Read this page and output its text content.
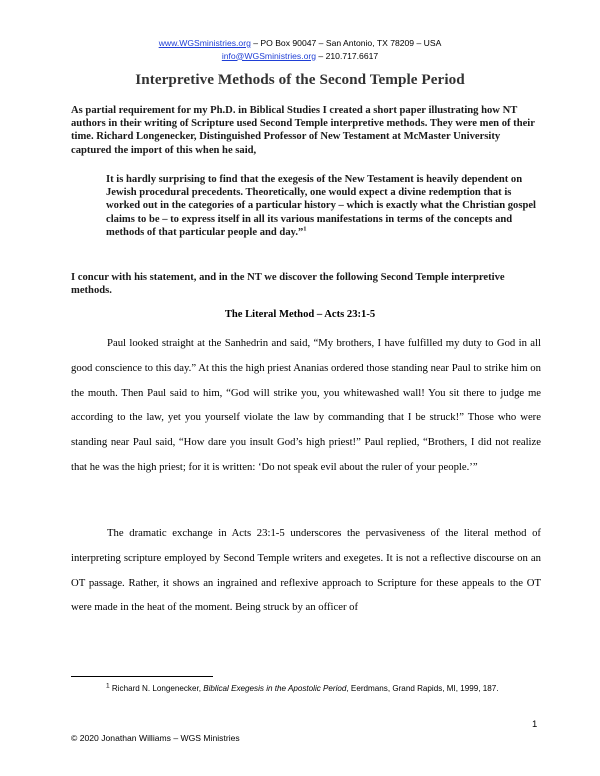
www.WGSministries.org – PO Box 90047 – San Antonio, TX 78209 – USA
info@WGSministries.org – 210.717.6617
Interpretive Methods of the Second Temple Period
As partial requirement for my Ph.D. in Biblical Studies I created a short paper illustrating how NT authors in their writing of Scripture used Second Temple interpretive methods. They were men of their time. Richard Longenecker, Distinguished Professor of New Testament at McMaster University captured the import of this when he said,
It is hardly surprising to find that the exegesis of the New Testament is heavily dependent on Jewish procedural precedents. Theoretically, one would expect a divine redemption that is worked out in the categories of a particular history – which is exactly what the Christian gospel claims to be – to express itself in all its various manifestations in terms of the concepts and methods of that particular people and day.”$^1$
I concur with his statement, and in the NT we discover the following Second Temple interpretive methods.
The Literal Method – Acts 23:1-5

Paul looked straight at the Sanhedrin and said, “My brothers, I have fulfilled my duty to God in all good conscience to this day.” At this the high priest Ananias ordered those standing near Paul to strike him on the mouth. Then Paul said to him, “God will strike you, you whitewashed wall! You sit there to judge me according to the law, yet you yourself violate the law by commanding that I be struck!” Those who were standing near Paul said, “How dare you insult God’s high priest!” Paul replied, “Brothers, I did not realize that he was the high priest; for it is written: ‘Do not speak evil about the ruler of your people.’”

The dramatic exchange in Acts 23:1-5 underscores the pervasiveness of the literal method of interpreting scripture employed by Second Temple writers and exegetes. It is not a reflective discourse on an OT passage. Rather, it shows an ingrained and reflexive approach to Scripture for these appeals to the OT were made in the heat of the moment. Being struck by an officer of

$^1$ Richard N. Longenecker, Biblical Exegesis in the Apostolic Period, Eerdmans, Grand Rapids, MI, 1999, 187.
1
© 2020 Jonathan Williams – WGS Ministries
